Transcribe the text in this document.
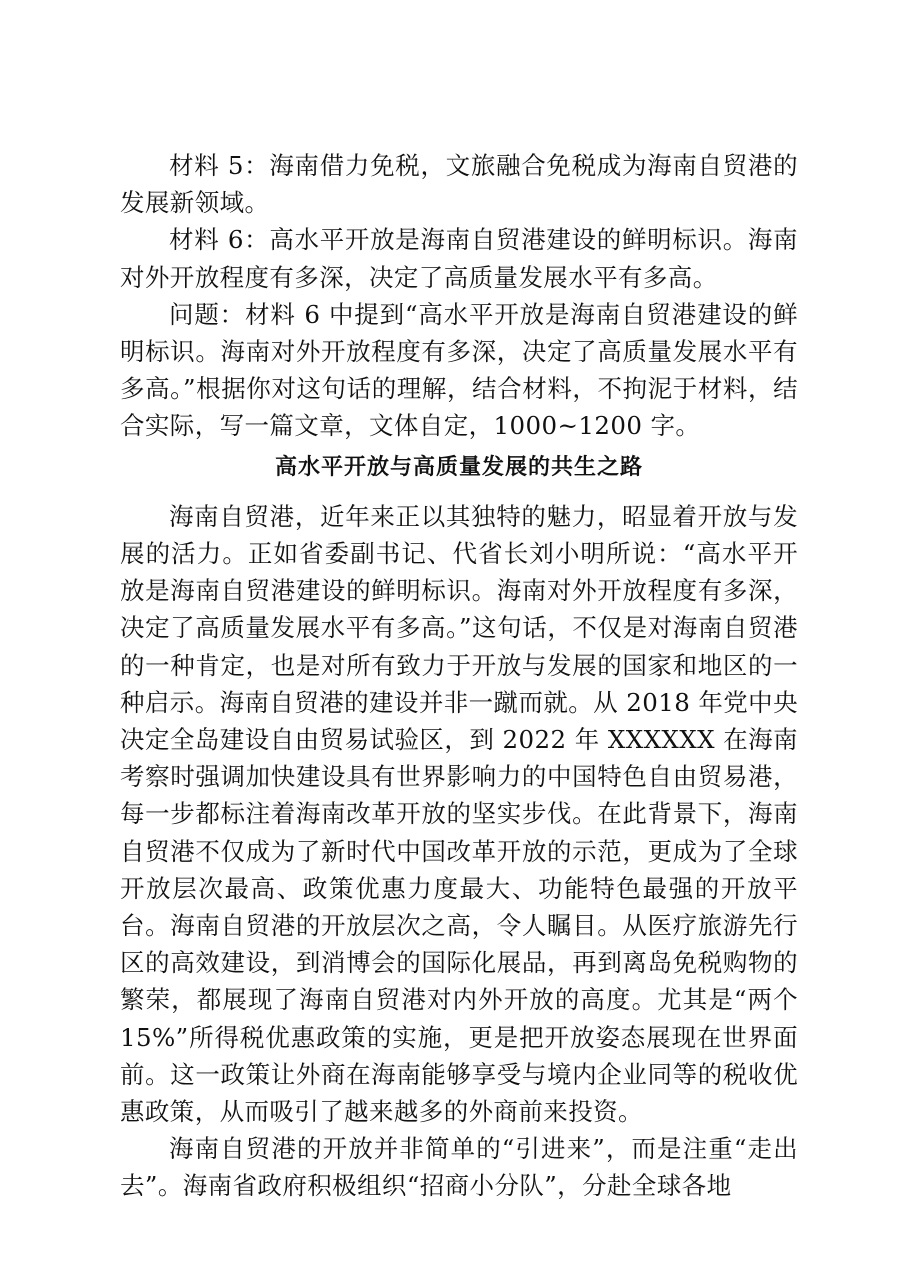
材料 5：海南借力免税，文旅融合免税成为海南自贸港的发展新领域。

材料 6：高水平开放是海南自贸港建设的鲜明标识。海南对外开放程度有多深，决定了高质量发展水平有多高。

问题：材料 6 中提到“高水平开放是海南自贸港建设的鲜明标识。海南对外开放程度有多深，决定了高质量发展水平有多高。”根据你对这句话的理解，结合材料，不拘泥于材料，结合实际，写一篇文章，文体自定，1000~1200 字。

高水平开放与高质量发展的共生之路

海南自贸港，近年来正以其独特的魅力，昭显着开放与发展的活力。正如省委副书记、代省长刘小明所说：“高水平开放是海南自贸港建设的鲜明标识。海南对外开放程度有多深，决定了高质量发展水平有多高。”这句话，不仅是对海南自贸港的一种肯定，也是对所有致力于开放与发展的国家和地区的一种启示。海南自贸港的建设并非一蹴而就。从 2018 年党中央决定全岛建设自由贸易试验区，到 2022 年 XXXXXX 在海南考察时强调加快建设具有世界影响力的中国特色自由贸易港，每一步都标注着海南改革开放的坚实步伐。在此背景下，海南自贸港不仅成为了新时代中国改革开放的示范，更成为了全球开放层次最高、政策优惠力度最大、功能特色最强的开放平台。海南自贸港的开放层次之高，令人瞩目。从医疗旅游先行区的高效建设，到消博会的国际化展品，再到离岛免税购物的繁荣，都展现了海南自贸港对内外开放的高度。尤其是“两个 15%”所得税优惠政策的实施，更是把开放姿态展现在世界面前。这一政策让外商在海南能够享受与境内企业同等的税收优惠政策，从而吸引了越来越多的外商前来投资。

海南自贸港的开放并非简单的“引进来”，而是注重“走出去”。海南省政府积极组织“招商小分队”，分赴全球各地
